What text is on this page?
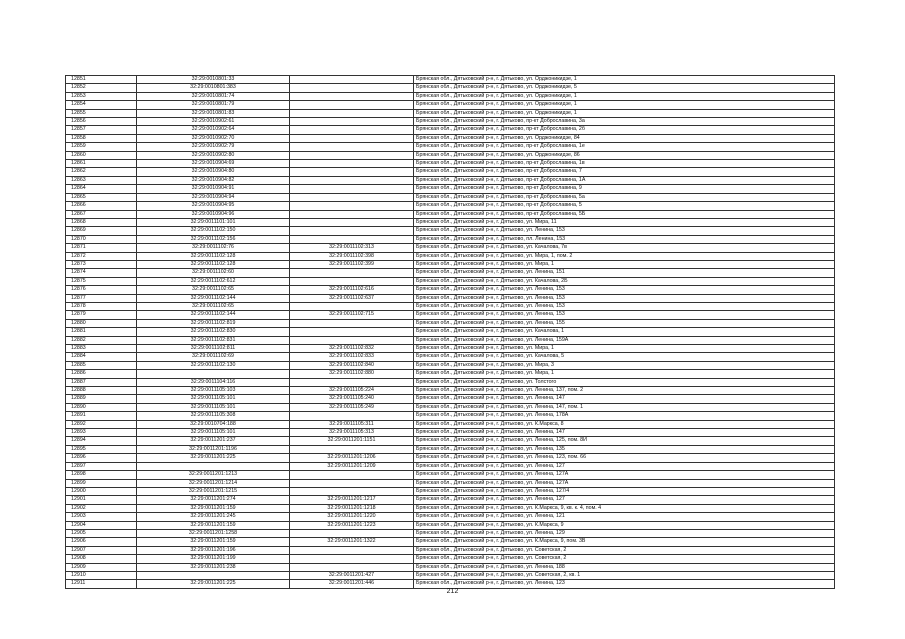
12851	32:29:0010801:33		Брянская обл., Дятьковский р-н, г. Дятьково, ул. Орджоникидзе, 1
12852	32:29:0010801:383		Брянская обл., Дятьковский р-н, г. Дятьково, ул. Орджоникидзе, 5
12853	32:29:0010801:74		Брянская обл., Дятьковский р-н, г. Дятьково, ул. Орджоникидзе, 1
12854	32:29:0010801:79		Брянская обл., Дятьковский р-н, г. Дятьково, ул. Орджоникидзе, 1
12855	32:29:0010801:83		Брянская обл., Дятьковский р-н, г. Дятьково, ул. Орджоникидзе, 1
12856	32:29:0010902:61		Брянская обл., Дятьковский р-н, г. Дятьково, пр-кт Доброславина, 3а
12857	32:29:0010902:64		Брянская обл., Дятьковский р-н, г. Дятьково, пр-кт Доброславина, 2б
12858	32:29:0010902:70		Брянская обл., Дятьковский р-н, г. Дятьково, ул. Орджоникидзе, 84
12859	32:29:0010902:79		Брянская обл., Дятьковский р-н, г. Дятьково, пр-кт Доброславина, 1е
12860	32:29:0010902:80		Брянская обл., Дятьковский р-н, г. Дятьково, ул. Орджоникидзе, 86
12861	32:29:0010904:69		Брянская обл., Дятьковский р-н, г. Дятьково, пр-кт Доброславина, 1в
12862	32:29:0010904:80		Брянская обл., Дятьковский р-н, г. Дятьково, пр-кт Доброславина, 7
12863	32:29:0010904:82		Брянская обл., Дятьковский р-н, г. Дятьково, пр-кт Доброславина, 1А
12864	32:29:0010904:91		Брянская обл., Дятьковский р-н, г. Дятьково, пр-кт Доброславина, 9
12865	32:29:0010904:94		Брянская обл., Дятьковский р-н, г. Дятьково, пр-кт Доброславина, 5а
12866	32:29:0010904:95		Брянская обл., Дятьковский р-н, г. Дятьково, пр-кт Доброславина, 5
12867	32:29:0010904:96		Брянская обл., Дятьковский р-н, г. Дятьково, пр-кт Доброславина, 5Б
12868	32:29:0011101:101		Брянская обл., Дятьковский р-н, г. Дятьково, ул. Мира, 11
12869	32:29:0011102:150		Брянская обл., Дятьковский р-н, г. Дятьково, ул. Ленина, 153
12870	32:29:0011102:156		Брянская обл., Дятьковский р-н, г. Дятьково, пл. Ленина, 153
12871	32:29:0011102:76	32:29:0011102:313	Брянская обл., Дятьковский р-н, г. Дятьково, ул. Качалова, 7в
12872	32:29:0011102:128	32:29:0011102:398	Брянская обл., Дятьковский р-н, г. Дятьково, ул. Мира, 1, пом. 2
12873	32:29:0011102:128	32:29:0011102:399	Брянская обл., Дятьковский р-н, г. Дятьково, ул. Мира, 1
12874	32:29:0011102:60		Брянская обл., Дятьковский р-н, г. Дятьково, ул. Ленина, 151
12875	32:29:0011102:612		Брянская обл., Дятьковский р-н, г. Дятьково, ул. Качалова, 2Б
12876	32:29:0011102:65	32:29:0011102:616	Брянская обл., Дятьковский р-н, г. Дятьково, ул. Ленина, 153
12877	32:29:0011102:144	32:29:0011102:637	Брянская обл., Дятьковский р-н, г. Дятьково, ул. Ленина, 153
12878	32:29:0011102:65		Брянская обл., Дятьковский р-н, г. Дятьково, ул. Ленина, 153
12879	32:29:0011102:144	32:29:0011102:715	Брянская обл., Дятьковский р-н, г. Дятьково, ул. Ленина, 153
12880	32:29:0011102:819		Брянская обл., Дятьковский р-н, г. Дятьково, ул. Ленина, 155
12881	32:29:0011102:830		Брянская обл., Дятьковский р-н, г. Дятьково, ул. Качалова, 1
12882	32:29:0011102:831		Брянская обл., Дятьковский р-н, г. Дятьково, ул. Ленина, 159А
12883	32:29:0011102:811	32:29:0011102:832	Брянская обл., Дятьковский р-н, г. Дятьково, ул. Мира, 1
12884	32:29:0011102:69	32:29:0011102:833	Брянская обл., Дятьковский р-н, г. Дятьково, ул. Качалова, 5
12885	32:29:0011102:130	32:29:0011102:840	Брянская обл., Дятьковский р-н, г. Дятьково, ул. Мира, 3
12886		32:29:0011102:880	Брянская обл., Дятьковский р-н, г. Дятьково, ул. Мира, 1
12887	32:29:0011104:116		Брянская обл., Дятьковский р-н, г. Дятьково, ул. Толстого
12888	32:29:0011105:103	32:29:0011105:224	Брянская обл., Дятьковский р-н, г. Дятьково, ул. Ленина, 137, пом. 2
12889	32:29:0011105:101	32:29:0011105:240	Брянская обл., Дятьковский р-н, г. Дятьково, ул. Ленина, 147
12890	32:29:0011105:101	32:29:0011105:249	Брянская обл., Дятьковский р-н, г. Дятьково, ул. Ленина, 147, пом. 1
12891	32:29:0011105:308		Брянская обл., Дятьковский р-н, г. Дятьково, ул. Ленина, 178А
12892	32:29:0010704:188	32:29:0011105:311	Брянская обл., Дятьковский р-н, г. Дятьково, ул. К.Маркса, 8
12893	32:29:0011105:101	32:29:0011105:313	Брянская обл., Дятьковский р-н, г. Дятьково, ул. Ленина, 147
12894	32:29:0011201:237	32:29:0011201:1151	Брянская обл., Дятьковский р-н, г. Дятьково, ул. Ленина, 125, пом. 8И
12895	32:29:0011201:1196		Брянская обл., Дятьковский р-н, г. Дятьково, ул. Ленина, 135
12896	32:29:0011201:225	32:29:0011201:1206	Брянская обл., Дятьковский р-н, г. Дятьково, ул. Ленина, 123, пом. 66
12897		32:29:0011201:1209	Брянская обл., Дятьковский р-н, г. Дятьково, ул. Ленина, 127
12898	32:29:0011201:1213		Брянская обл., Дятьковский р-н, г. Дятьково, ул. Ленина, 127А
12899	32:29:0011201:1214		Брянская обл., Дятьковский р-н, г. Дятьково, ул. Ленина, 127А
12900	32:29:0011201:1215		Брянская обл., Дятьковский р-н, г. Дятьково, ул. Ленина, 127/4
12901	32:29:0011201:274	32:29:0011201:1217	Брянская обл., Дятьковский р-н, г. Дятьково, ул. Ленина, 127
12902	32:29:0011201:159	32:29:0011201:1218	Брянская обл., Дятьковский р-н, г. Дятьково, ул. К.Маркса, 9, кв. к. 4, пом. 4
12903	32:29:0011201:245	32:29:0011201:1220	Брянская обл., Дятьковский р-н, г. Дятьково, ул. Ленина, 121
12904	32:29:0011201:159	32:29:0011201:1223	Брянская обл., Дятьковский р-н, г. Дятьково, ул. К.Маркса, 9
12905	32:29:0011201:1258		Брянская обл., Дятьковский р-н, г. Дятьково, ул. Ленина, 129
12906	32:29:0011201:159	32:29:0011201:1322	Брянская обл., Дятьковский р-н, г. Дятьково, ул. К.Маркса, 9, пом. 3В
12907	32:29:0011201:196		Брянская обл., Дятьковский р-н, г. Дятьково, ул. Советская, 2
12908	32:29:0011201:199		Брянская обл., Дятьковский р-н, г. Дятьково, ул. Советская, 2
12909	32:29:0011201:238		Брянская обл., Дятьковский р-н, г. Дятьково, ул. Ленина, 188
12910		32:29:0011201:427	Брянская обл., Дятьковский р-н, г. Дятьково, ул. Советская, 2, кв. 1
12911	32:29:0011201:225	32:29:0011201:446	Брянская обл., Дятьковский р-н, г. Дятьково, ул. Ленина, 123
212
